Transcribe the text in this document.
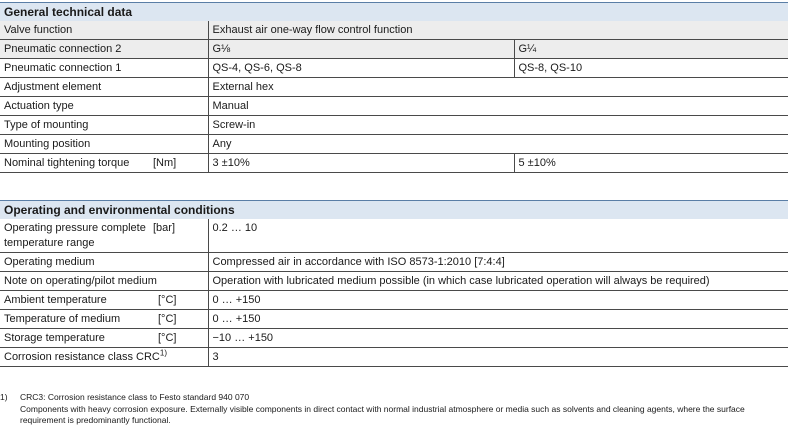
General technical data
Valve function	Exhaust air one-way flow control function	
Pneumatic connection 2	G⅛	G¼
Pneumatic connection 1	QS-4, QS-6, QS-8	QS-8, QS-10
Adjustment element	External hex	
Actuation type	Manual	
Type of mounting	Screw-in	
Mounting position	Any	
Nominal tightening torque [Nm]	3 ±10%	5 ±10%
Operating and environmental conditions
Operating pressure complete
temperature range
[bar]	0.2 … 10
Operating medium	Compressed air in accordance with ISO 8573-1:2010 [7:4:4]
Note on operating/pilot medium	Operation with lubricated medium possible (in which case lubricated operation will always be required)
Ambient temperature [°C]	0 … +150
Temperature of medium [°C]	0 … +150
Storage temperature [°C]	−10 … +150
Corrosion resistance class CRC$^{1)}$	3
1) CRC3: Corrosion resistance class to Festo standard 940 070
Components with heavy corrosion exposure. Externally visible components in direct contact with normal industrial atmosphere or media such as solvents and cleaning agents, where the surface requirement is predominantly functional.
